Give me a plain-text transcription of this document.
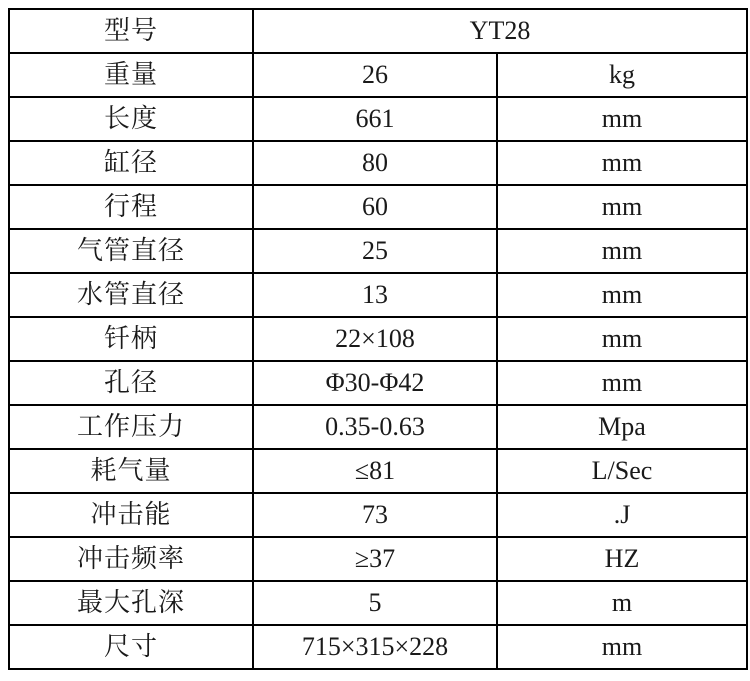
型号	YT28	
重量	26	kg
长度	661	mm
缸径	80	mm
行程	60	mm
气管直径	25	mm
水管直径	13	mm
钎柄	22×108	mm
孔径	Φ30-Φ42	mm
工作压力	0.35-0.63	Mpa
耗气量	≤81	L/Sec
冲击能	73	.J
冲击频率	≥37	HZ
最大孔深	5	m
尺寸	715×315×228	mm
